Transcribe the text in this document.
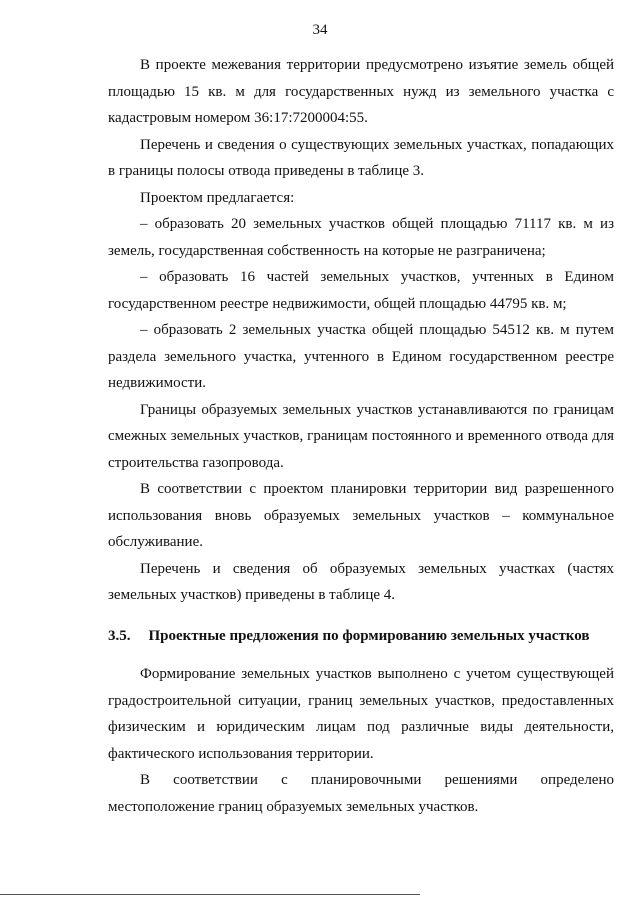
34

В проекте межевания территории предусмотрено изъятие земель общей площадью 15 кв. м для государственных нужд из земельного участка с кадастровым номером 36:17:7200004:55.

Перечень и сведения о существующих земельных участках, попадающих в границы полосы отвода приведены в таблице 3.

Проектом предлагается:

– образовать 20 земельных участков общей площадью 71117 кв. м из земель, государственная собственность на которые не разграничена;

– образовать 16 частей земельных участков, учтенных в Едином государственном реестре недвижимости, общей площадью 44795 кв. м;

– образовать 2 земельных участка общей площадью 54512 кв. м путем раздела земельного участка, учтенного в Едином государственном реестре недвижимости.

Границы образуемых земельных участков устанавливаются по границам смежных земельных участков, границам постоянного и временного отвода для строительства газопровода.

В соответствии с проектом планировки территории вид разрешенного использования вновь образуемых земельных участков – коммунальное обслуживание.

Перечень и сведения об образуемых земельных участках (частях земельных участков) приведены в таблице 4.

3.5. Проектные предложения по формированию земельных участков

Формирование земельных участков выполнено с учетом существующей градостроительной ситуации, границ земельных участков, предоставленных физическим и юридическим лицам под различные виды деятельности, фактического использования территории.

В соответствии с планировочными решениями определено местоположение границ образуемых земельных участков.
